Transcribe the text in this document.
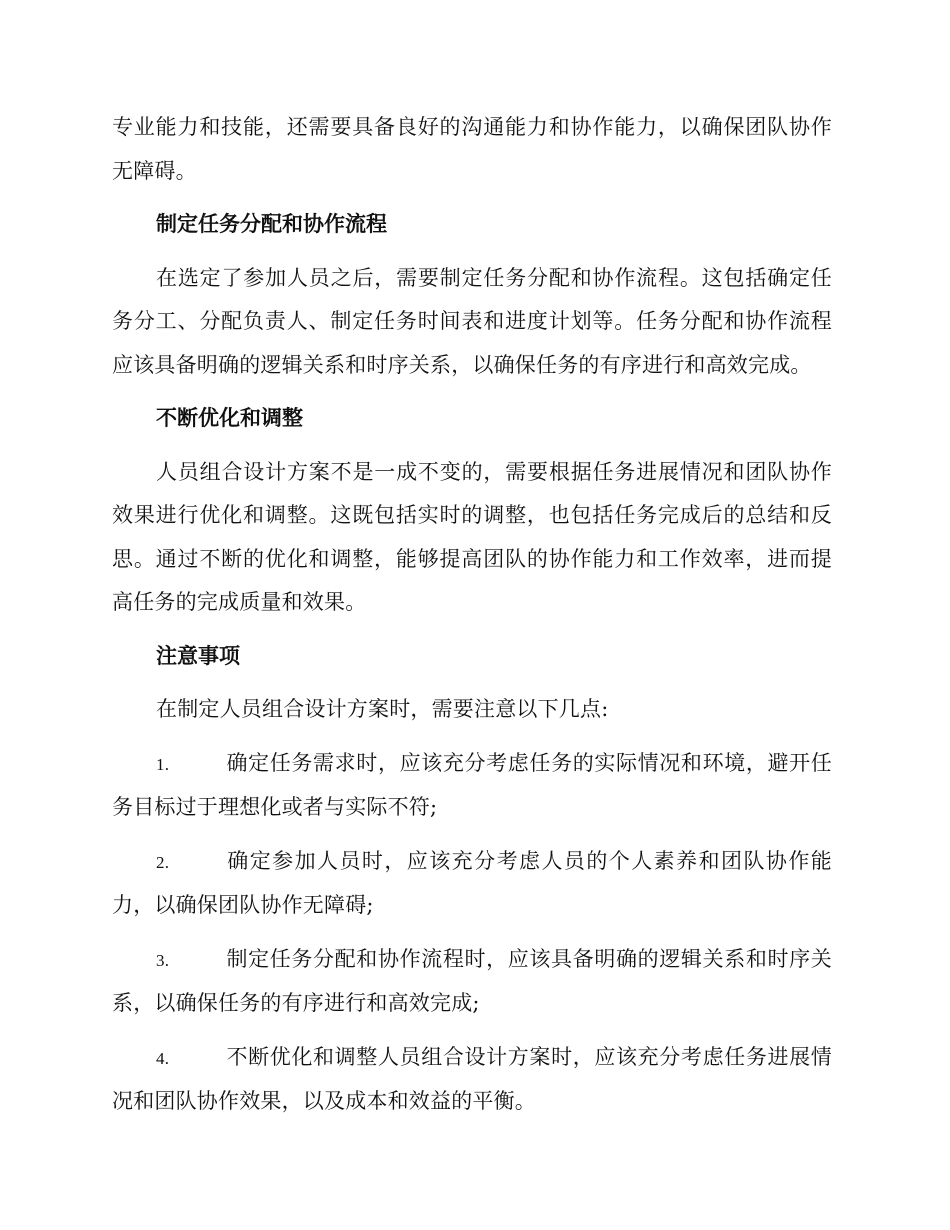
专业能力和技能，还需要具备良好的沟通能力和协作能力，以确保团队协作无障碍。

制定任务分配和协作流程

在选定了参加人员之后，需要制定任务分配和协作流程。这包括确定任务分工、分配负责人、制定任务时间表和进度计划等。任务分配和协作流程应该具备明确的逻辑关系和时序关系，以确保任务的有序进行和高效完成。

不断优化和调整

人员组合设计方案不是一成不变的，需要根据任务进展情况和团队协作效果进行优化和调整。这既包括实时的调整，也包括任务完成后的总结和反思。通过不断的优化和调整，能够提高团队的协作能力和工作效率，进而提高任务的完成质量和效果。

注意事项

在制定人员组合设计方案时，需要注意以下几点:

1.	确定任务需求时，应该充分考虑任务的实际情况和环境，避开任务目标过于理想化或者与实际不符;

2.	确定参加人员时，应该充分考虑人员的个人素养和团队协作能力，以确保团队协作无障碍;

3.	制定任务分配和协作流程时，应该具备明确的逻辑关系和时序关系，以确保任务的有序进行和高效完成;

4.	不断优化和调整人员组合设计方案时，应该充分考虑任务进展情况和团队协作效果，以及成本和效益的平衡。
